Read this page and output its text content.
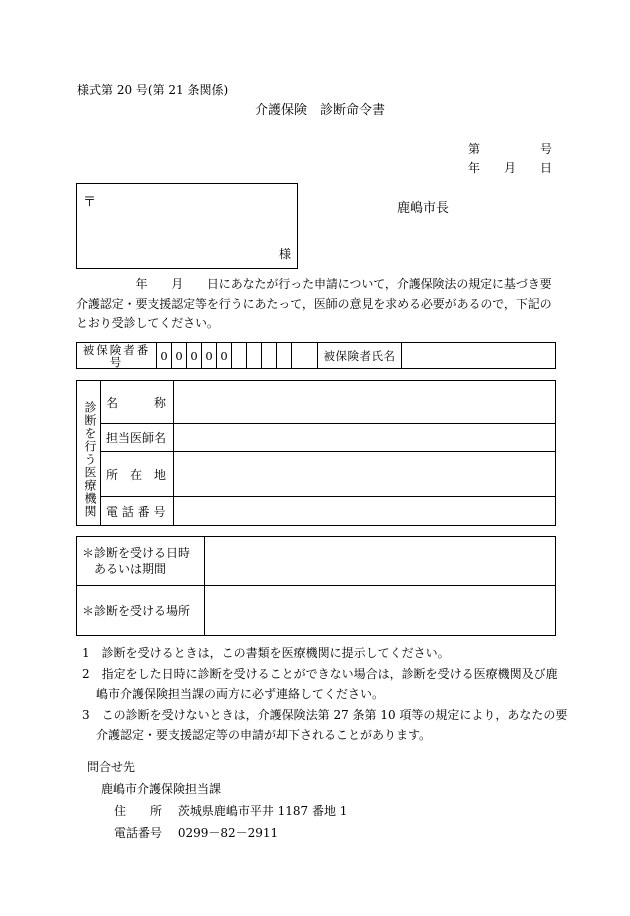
様式第 20 号(第 21 条関係)
介護保険　診断命令書
第	号
年 月 日
〒
様
鹿嶋市長
　　　　　年　　月　　日にあなたが行った申請について，介護保険法の規定に基づき要
介護認定・要支援認定等を行うにあたって，医師の意見を求める必要があるので，下記の
とおり受診してください。
被保険者番
号	0 0 0 0 0	被保険者氏名
診断を行う医療機関 名　　　称
担当医師名
所　在　地
電 話 番 号
＊診断を受ける日時
あるいは期間
＊診断を受ける場所
1　診断を受けるときは，この書類を医療機関に提示してください。
2　指定をした日時に診断を受けることができない場合は，診断を受ける医療機関及び鹿
嶋市介護保険担当課の両方に必ず連絡してください。
3　この診断を受けないときは，介護保険法第 27 条第 10 項等の規定により，あなたの要
介護認定・要支援認定等の申請が却下されることがあります。
問合せ先
鹿嶋市介護保険担当課
住　　所 茨城県鹿嶋市平井 1187 番地 1
電話番号 0299－82－2911
